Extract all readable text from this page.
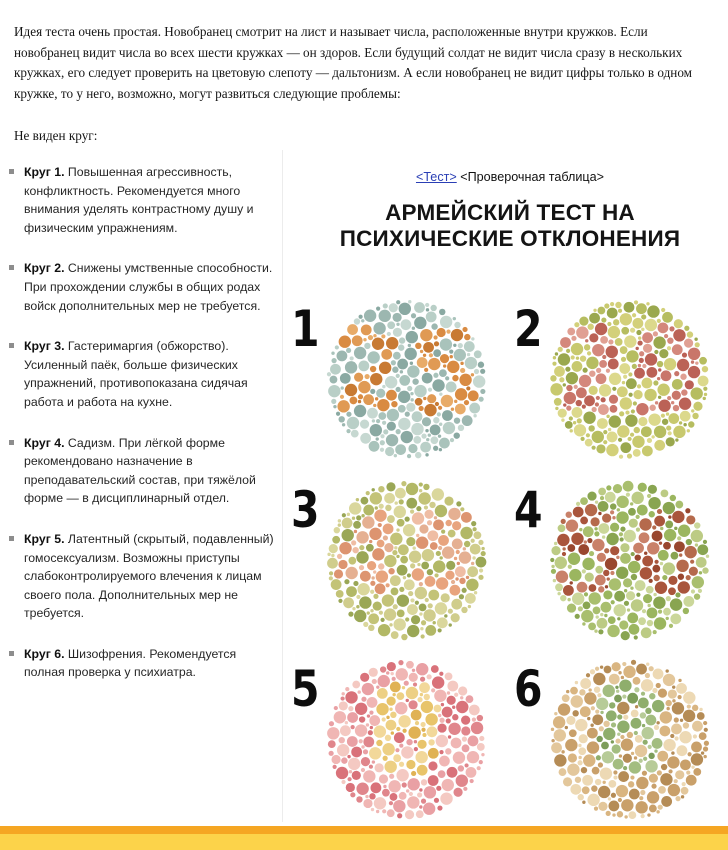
Идея теста очень простая. Новобранец смотрит на лист и называет числа, расположенные внутри кружков. Если новобранец видит числа во всех шести кружках — он здоров. Если будущий солдат не видит числа сразу в нескольких кружках, его следует проверить на цветовую слепоту — дальтонизм. А если новобранец не видит цифры только в одном кружке, то у него, возможно, могут развиться следующие проблемы:
Не виден круг:
Круг 1. Повышенная агрессивность, конфликтность. Рекомендуется много внимания уделять контрастному душу и физическим упражнениям.
Круг 2. Снижены умственные способности. При прохождении службы в общих родах войск дополнительных мер не требуется.
Круг 3. Гастеримаргия (обжорство). Усиленный паёк, больше физических упражнений, противопоказана сидячая работа и работа на кухне.
Круг 4. Садизм. При лёгкой форме рекомендовано назначение в преподавательский состав, при тяжёлой форме — в дисциплинарный отдел.
Круг 5. Латентный (скрытый, подавленный) гомосексуализм. Возможны приступы слабоконтролируемого влечения к лицам своего пола. Дополнительных мер не требуется.
Круг 6. Шизофрения. Рекомендуется полная проверка у психиатра.
<Тест> <Проверочная таблица>
АРМЕЙСКИЙ ТЕСТ НА
ПСИХИЧЕСКИЕ ОТКЛОНЕНИЯ
1	2
3	4
5	6
